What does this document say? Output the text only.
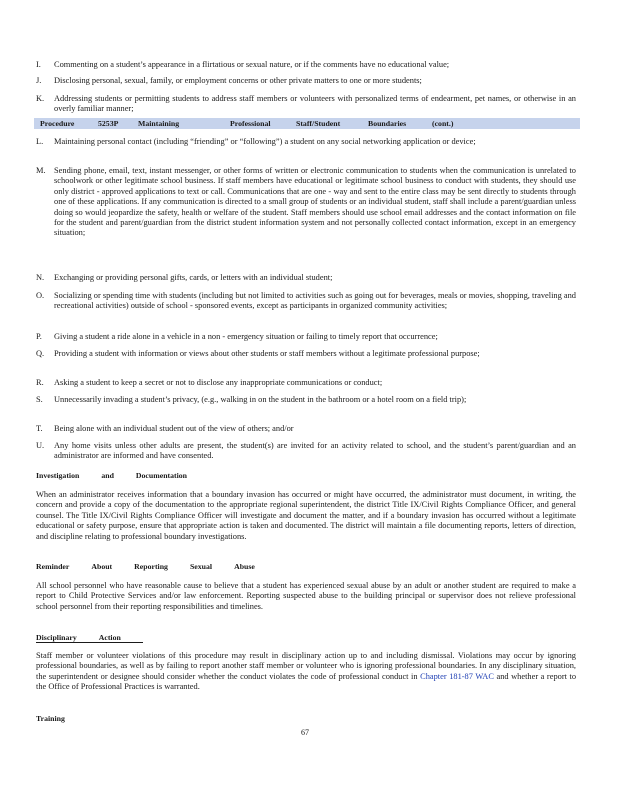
I. Commenting on a student’s appearance in a flirtatious or sexual nature, or if the comments have no educational value;
J. Disclosing personal, sexual, family, or employment concerns or other private matters to one or more students;
K. Addressing students or permitting students to address staff members or volunteers with personalized terms of endearment, pet names, or otherwise in an overly familiar manner;
Procedure	5253P	Maintaining	Professional	Staff/Student	Boundaries	(cont.)
L. Maintaining personal contact (including “friending” or “following”) a student on any social networking application or device;
M. Sending phone, email, text, instant messenger, or other forms of written or electronic communication to students when the communication is unrelated to schoolwork or other legitimate school business. If staff members have educational or legitimate school business to conduct with students, they should use only district - approved applications to text or call. Communications that are one - way and sent to the entire class may be sent directly to students through one of these applications. If any communication is directed to a small group of students or an individual student, staff shall include a parent/guardian unless doing so would jeopardize the safety, health or welfare of the student. Staff members should use school email addresses and the contact information on file for the student and parent/guardian from the district student information system and not personally collected contact information, except in an emergency situation;
N. Exchanging or providing personal gifts, cards, or letters with an individual student;
O. Socializing or spending time with students (including but not limited to activities such as going out for beverages, meals or movies, shopping, traveling and recreational activities) outside of school - sponsored events, except as participants in organized community activities;
P. Giving a student a ride alone in a vehicle in a non - emergency situation or failing to timely report that occurrence;
Q. Providing a student with information or views about other students or staff members without a legitimate professional purpose;
R. Asking a student to keep a secret or not to disclose any inappropriate communications or conduct;
S. Unnecessarily invading a student’s privacy, (e.g., walking in on the student in the bathroom or a hotel room on a field trip);
T. Being alone with an individual student out of the view of others; and/or
U. Any home visits unless other adults are present, the student(s) are invited for an activity related to school, and the student’s parent/guardian and an administrator are informed and have consented.
Investigation	and	Documentation
When an administrator receives information that a boundary invasion has occurred or might have occurred, the administrator must document, in writing, the concern and provide a copy of the documentation to the appropriate regional superintendent, the district Title IX/Civil Rights Compliance Officer, and general counsel. The Title IX/Civil Rights Compliance Officer will investigate and document the matter, and if a boundary invasion has occurred without a legitimate educational or safety purpose, ensure that appropriate action is taken and documented. The district will maintain a file documenting reports, letters of direction, and discipline relating to professional boundary investigations.
Reminder	About	Reporting	Sexual	Abuse
All school personnel who have reasonable cause to believe that a student has experienced sexual abuse by an adult or another student are required to make a report to Child Protective Services and/or law enforcement. Reporting suspected abuse to the building principal or supervisor does not relieve professional school personnel from their reporting responsibilities and timelines.
Disciplinary	Action
Staff member or volunteer violations of this procedure may result in disciplinary action up to and including dismissal. Violations may occur by ignoring professional boundaries, as well as by failing to report another staff member or volunteer who is ignoring professional boundaries. In any disciplinary situation, the superintendent or designee should consider whether the conduct violates the code of professional conduct in Chapter 181-87 WAC and whether a report to the Office of Professional Practices is warranted.
Training
67
